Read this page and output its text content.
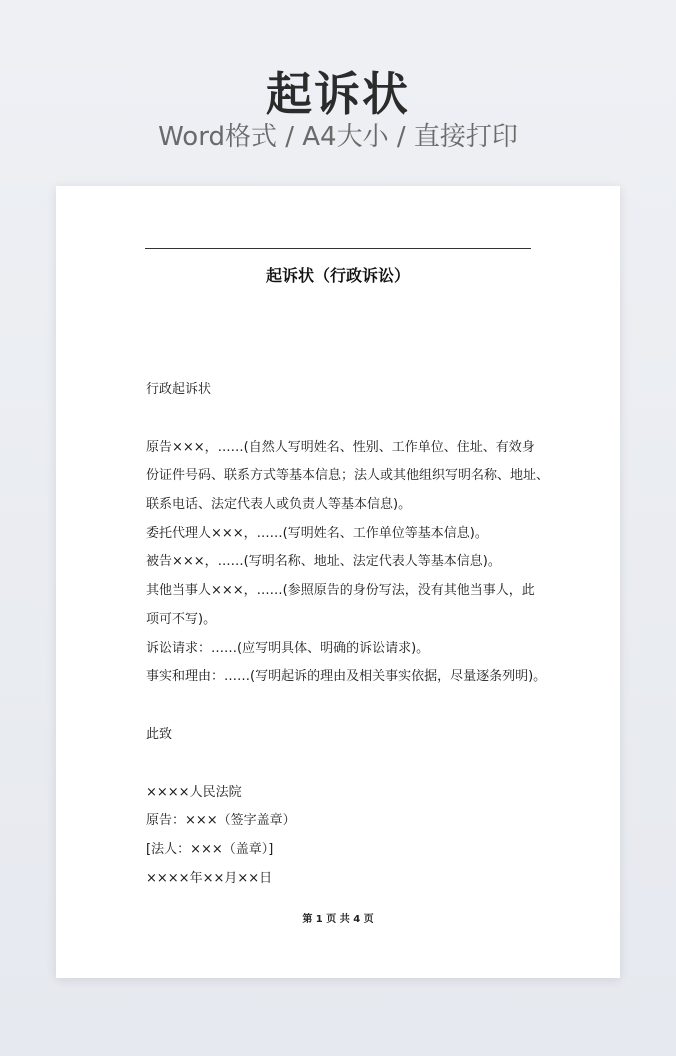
起诉状
Word格式 / A4大小 / 直接打印
起诉状（行政诉讼）
行政起诉状
原告×××，……(自然人写明姓名、性别、工作单位、住址、有效身
份证件号码、联系方式等基本信息；法人或其他组织写明名称、地址、
联系电话、法定代表人或负责人等基本信息)。
委托代理人×××，……(写明姓名、工作单位等基本信息)。
被告×××，……(写明名称、地址、法定代表人等基本信息)。
其他当事人×××，……(参照原告的身份写法，没有其他当事人，此
项可不写)。
诉讼请求：……(应写明具体、明确的诉讼请求)。
事实和理由：……(写明起诉的理由及相关事实依据，尽量逐条列明)。
此致
××××人民法院
原告：×××（签字盖章）
[法人：×××（盖章）]
××××年××月××日
第 1 页 共 4 页
